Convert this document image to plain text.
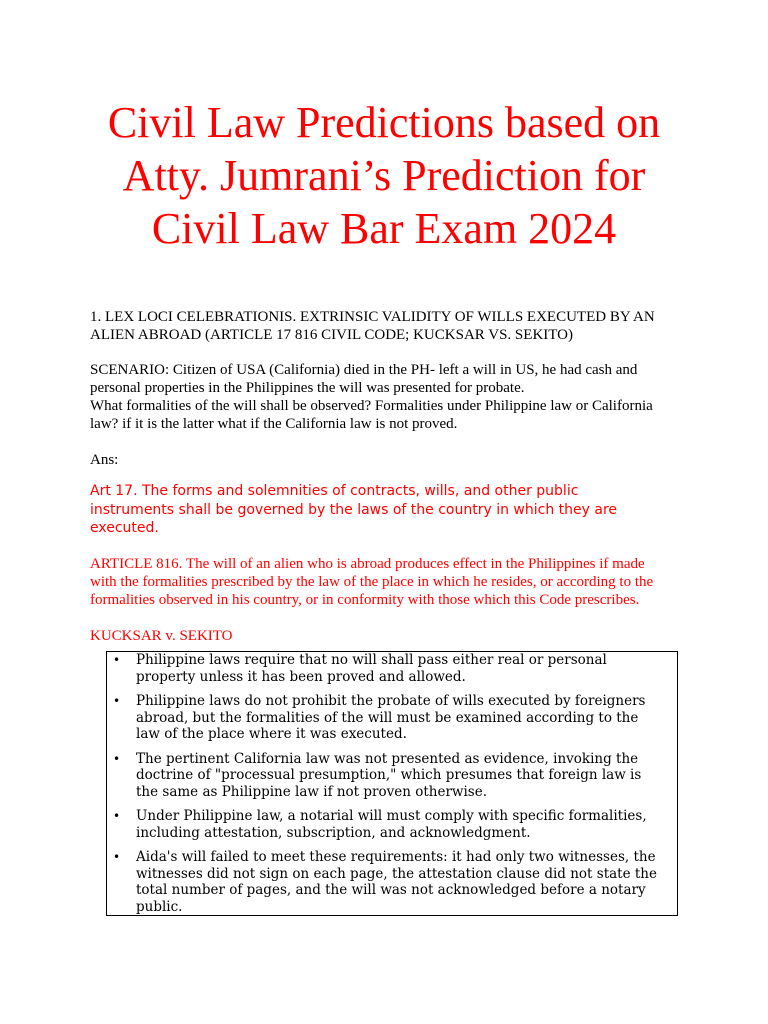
Civil Law Predictions based on
Atty. Jumrani’s Prediction for
Civil Law Bar Exam 2024

1. LEX LOCI CELEBRATIONIS. EXTRINSIC VALIDITY OF WILLS EXECUTED BY AN
ALIEN ABROAD (ARTICLE 17 816 CIVIL CODE; KUCKSAR VS. SEKITO)

SCENARIO: Citizen of USA (California) died in the PH- left a will in US, he had cash and
personal properties in the Philippines the will was presented for probate.
What formalities of the will shall be observed? Formalities under Philippine law or California
law? if it is the latter what if the California law is not proved.

Ans:

Art 17. The forms and solemnities of contracts, wills, and other public
instruments shall be governed by the laws of the country in which they are
executed.

ARTICLE 816. The will of an alien who is abroad produces effect in the Philippines if made
with the formalities prescribed by the law of the place in which he resides, or according to the
formalities observed in his country, or in conformity with those which this Code prescribes.

KUCKSAR v. SEKITO

• Philippine laws require that no will shall pass either real or personal
property unless it has been proved and allowed.
• Philippine laws do not prohibit the probate of wills executed by foreigners
abroad, but the formalities of the will must be examined according to the
law of the place where it was executed.
• The pertinent California law was not presented as evidence, invoking the
doctrine of "processual presumption," which presumes that foreign law is
the same as Philippine law if not proven otherwise.
• Under Philippine law, a notarial will must comply with specific formalities,
including attestation, subscription, and acknowledgment.
• Aida's will failed to meet these requirements: it had only two witnesses, the
witnesses did not sign on each page, the attestation clause did not state the
total number of pages, and the will was not acknowledged before a notary
public.
